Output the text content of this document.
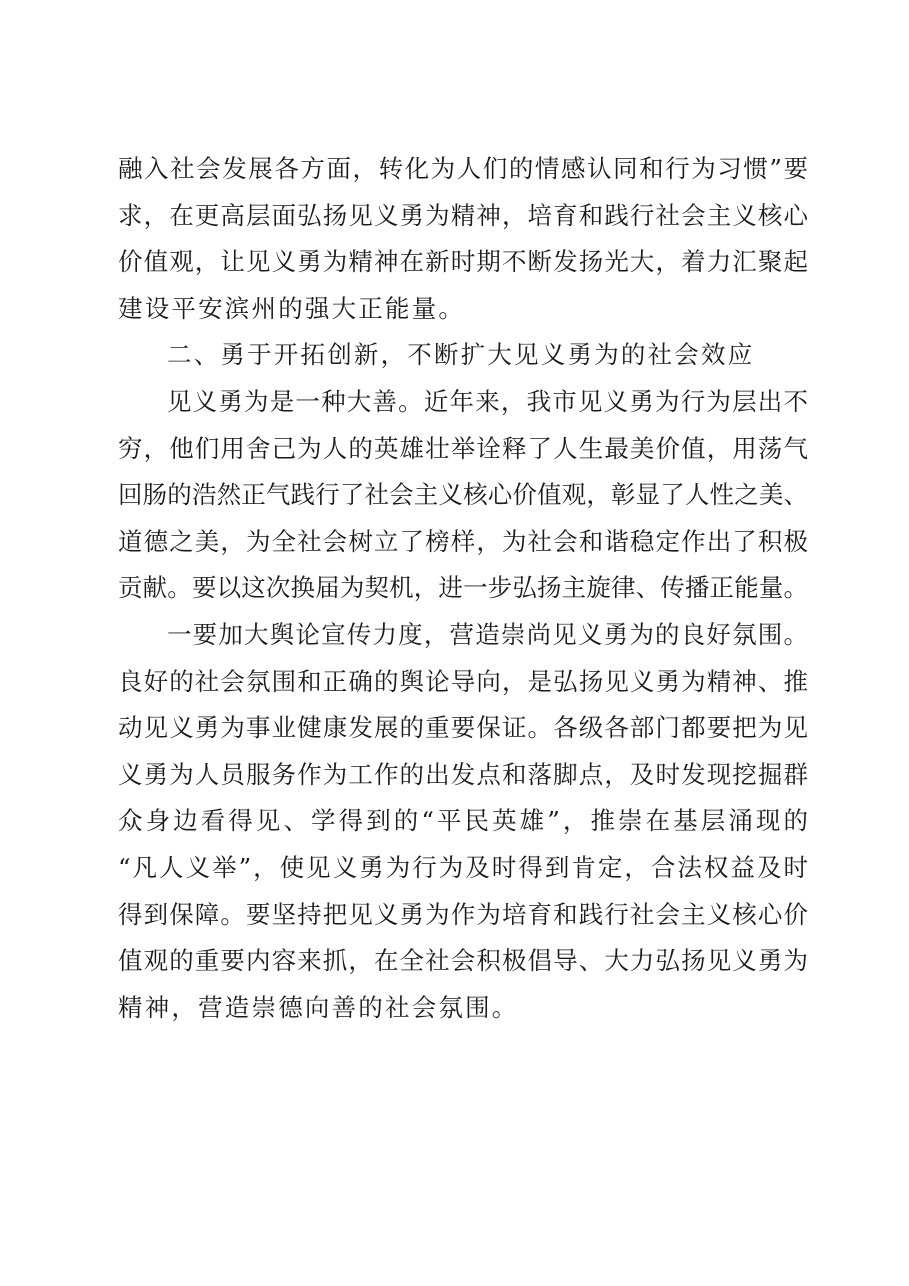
融入社会发展各方面，转化为人们的情感认同和行为习惯”要
求，在更高层面弘扬见义勇为精神，培育和践行社会主义核心
价值观，让见义勇为精神在新时期不断发扬光大，着力汇聚起
建设平安滨州的强大正能量。
二、勇于开拓创新，不断扩大见义勇为的社会效应
见义勇为是一种大善。近年来，我市见义勇为行为层出不
穷，他们用舍己为人的英雄壮举诠释了人生最美价值，用荡气
回肠的浩然正气践行了社会主义核心价值观，彰显了人性之美、
道德之美，为全社会树立了榜样，为社会和谐稳定作出了积极
贡献。要以这次换届为契机，进一步弘扬主旋律、传播正能量。
一要加大舆论宣传力度，营造崇尚见义勇为的良好氛围。
良好的社会氛围和正确的舆论导向，是弘扬见义勇为精神、推
动见义勇为事业健康发展的重要保证。各级各部门都要把为见
义勇为人员服务作为工作的出发点和落脚点，及时发现挖掘群
众身边看得见、学得到的“平民英雄”，推崇在基层涌现的
“凡人义举”，使见义勇为行为及时得到肯定，合法权益及时
得到保障。要坚持把见义勇为作为培育和践行社会主义核心价
值观的重要内容来抓，在全社会积极倡导、大力弘扬见义勇为
精神，营造崇德向善的社会氛围。
